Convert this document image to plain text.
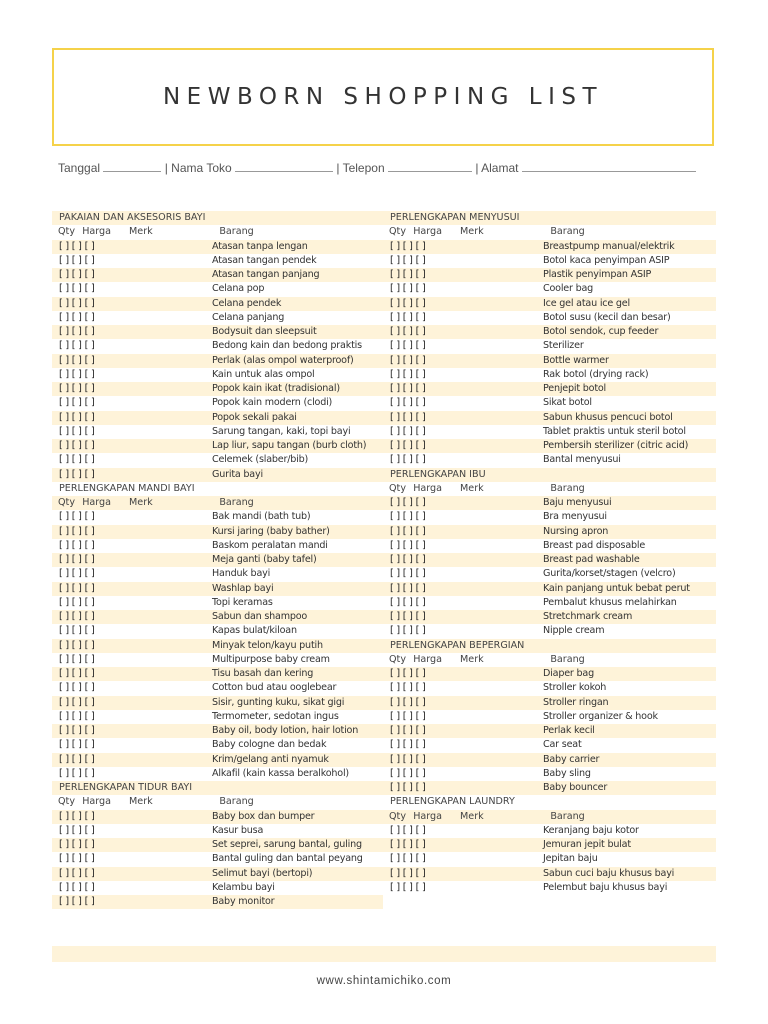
NEWBORN SHOPPING LIST
Tanggal	| Nama Toko	| Telepon	| Alamat
PAKAIAN DAN AKSESORIS BAYI
Qty Harga Merk	Barang
[ ] [ ] [ ]	Atasan tanpa lengan
[ ] [ ] [ ]	Atasan tangan pendek
[ ] [ ] [ ]	Atasan tangan panjang
[ ] [ ] [ ]	Celana pop
[ ] [ ] [ ]	Celana pendek
[ ] [ ] [ ]	Celana panjang
[ ] [ ] [ ]	Bodysuit dan sleepsuit
[ ] [ ] [ ]	Bedong kain dan bedong praktis
[ ] [ ] [ ]	Perlak (alas ompol waterproof)
[ ] [ ] [ ]	Kain untuk alas ompol
[ ] [ ] [ ]	Popok kain ikat (tradisional)
[ ] [ ] [ ]	Popok kain modern (clodi)
[ ] [ ] [ ]	Popok sekali pakai
[ ] [ ] [ ]	Sarung tangan, kaki, topi bayi
[ ] [ ] [ ]	Lap liur, sapu tangan (burb cloth)
[ ] [ ] [ ]	Celemek (slaber/bib)
[ ] [ ] [ ]	Gurita bayi
PERLENGKAPAN MANDI BAYI
Qty Harga Merk	Barang
[ ] [ ] [ ]	Bak mandi (bath tub)
[ ] [ ] [ ]	Kursi jaring (baby bather)
[ ] [ ] [ ]	Baskom peralatan mandi
[ ] [ ] [ ]	Meja ganti (baby tafel)
[ ] [ ] [ ]	Handuk bayi
[ ] [ ] [ ]	Washlap bayi
[ ] [ ] [ ]	Topi keramas
[ ] [ ] [ ]	Sabun dan shampoo
[ ] [ ] [ ]	Kapas bulat/kiloan
[ ] [ ] [ ]	Minyak telon/kayu putih
[ ] [ ] [ ]	Multipurpose baby cream
[ ] [ ] [ ]	Tisu basah dan kering
[ ] [ ] [ ]	Cotton bud atau ooglebear
[ ] [ ] [ ]	Sisir, gunting kuku, sikat gigi
[ ] [ ] [ ]	Termometer, sedotan ingus
[ ] [ ] [ ]	Baby oil, body lotion, hair lotion
[ ] [ ] [ ]	Baby cologne dan bedak
[ ] [ ] [ ]	Krim/gelang anti nyamuk
[ ] [ ] [ ]	Alkafil (kain kassa beralkohol)
PERLENGKAPAN TIDUR BAYI
Qty Harga Merk	Barang
[ ] [ ] [ ]	Baby box dan bumper
[ ] [ ] [ ]	Kasur busa
[ ] [ ] [ ]	Set seprei, sarung bantal, guling
[ ] [ ] [ ]	Bantal guling dan bantal peyang
[ ] [ ] [ ]	Selimut bayi (bertopi)
[ ] [ ] [ ]	Kelambu bayi
[ ] [ ] [ ]	Baby monitor
PERLENGKAPAN MENYUSUI
Qty Harga Merk	Barang
[ ] [ ] [ ]	Breastpump manual/elektrik
[ ] [ ] [ ]	Botol kaca penyimpan ASIP
[ ] [ ] [ ]	Plastik penyimpan ASIP
[ ] [ ] [ ]	Cooler bag
[ ] [ ] [ ]	Ice gel atau ice gel
[ ] [ ] [ ]	Botol susu (kecil dan besar)
[ ] [ ] [ ]	Botol sendok, cup feeder
[ ] [ ] [ ]	Sterilizer
[ ] [ ] [ ]	Bottle warmer
[ ] [ ] [ ]	Rak botol (drying rack)
[ ] [ ] [ ]	Penjepit botol
[ ] [ ] [ ]	Sikat botol
[ ] [ ] [ ]	Sabun khusus pencuci botol
[ ] [ ] [ ]	Tablet praktis untuk steril botol
[ ] [ ] [ ]	Pembersih sterilizer (citric acid)
[ ] [ ] [ ]	Bantal menyusui
PERLENGKAPAN IBU
Qty Harga Merk	Barang
[ ] [ ] [ ]	Baju menyusui
[ ] [ ] [ ]	Bra menyusui
[ ] [ ] [ ]	Nursing apron
[ ] [ ] [ ]	Breast pad disposable
[ ] [ ] [ ]	Breast pad washable
[ ] [ ] [ ]	Gurita/korset/stagen (velcro)
[ ] [ ] [ ]	Kain panjang untuk bebat perut
[ ] [ ] [ ]	Pembalut khusus melahirkan
[ ] [ ] [ ]	Stretchmark cream
[ ] [ ] [ ]	Nipple cream
PERLENGKAPAN BEPERGIAN
Qty Harga Merk	Barang
[ ] [ ] [ ]	Diaper bag
[ ] [ ] [ ]	Stroller kokoh
[ ] [ ] [ ]	Stroller ringan
[ ] [ ] [ ]	Stroller organizer & hook
[ ] [ ] [ ]	Perlak kecil
[ ] [ ] [ ]	Car seat
[ ] [ ] [ ]	Baby carrier
[ ] [ ] [ ]	Baby sling
[ ] [ ] [ ]	Baby bouncer
PERLENGKAPAN LAUNDRY
Qty Harga Merk	Barang
[ ] [ ] [ ]	Keranjang baju kotor
[ ] [ ] [ ]	Jemuran jepit bulat
[ ] [ ] [ ]	Jepitan baju
[ ] [ ] [ ]	Sabun cuci baju khusus bayi
[ ] [ ] [ ]	Pelembut baju khusus bayi
www.shintamichiko.com
